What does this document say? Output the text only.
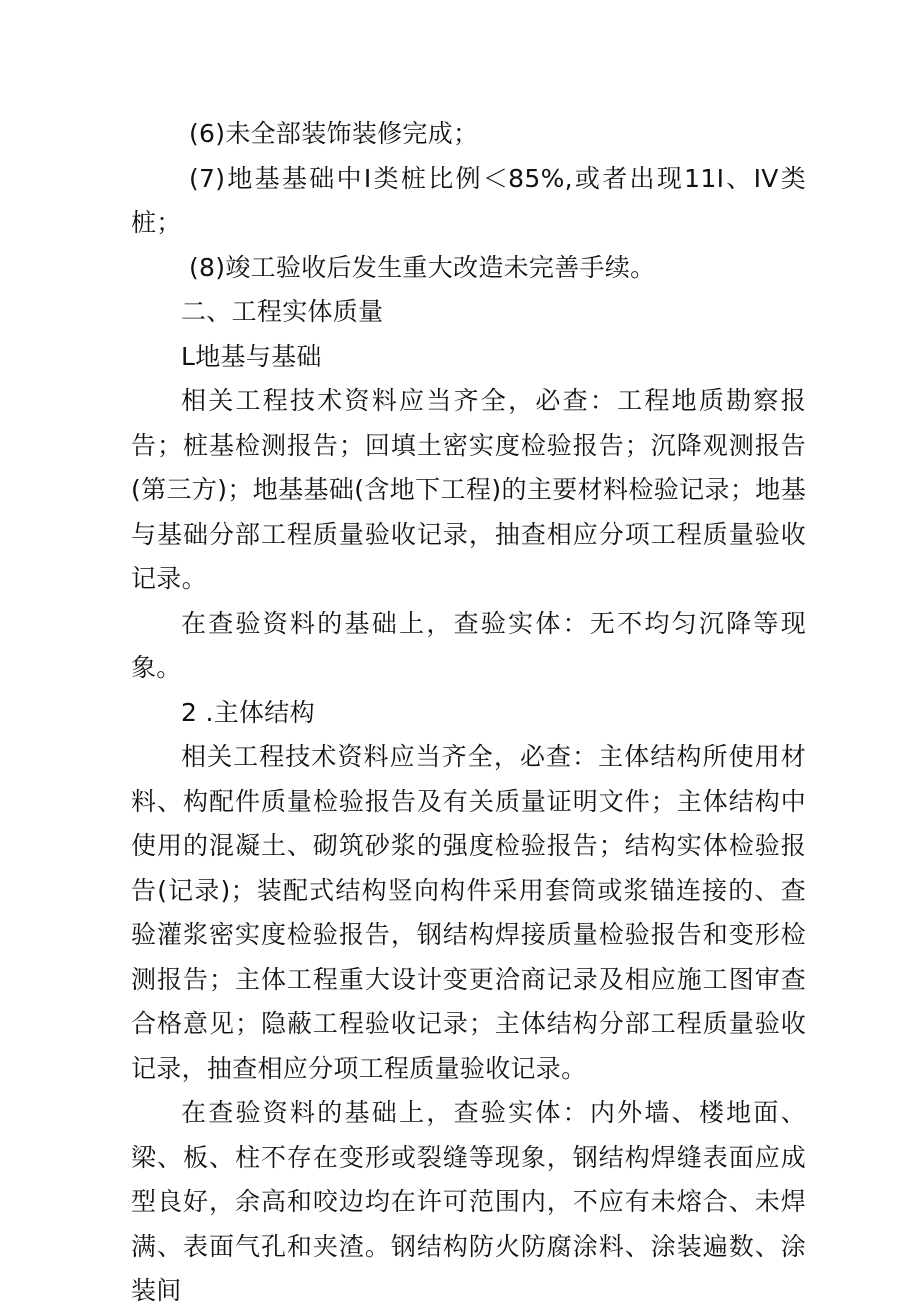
(6)未全部装饰装修完成；

(7)地基基础中I类桩比例＜85%,或者出现11I、IV类桩；

(8)竣工验收后发生重大改造未完善手续。

二、工程实体质量

L地基与基础

相关工程技术资料应当齐全，必查：工程地质勘察报告；桩基检测报告；回填土密实度检验报告；沉降观测报告(第三方)；地基基础(含地下工程)的主要材料检验记录；地基与基础分部工程质量验收记录，抽查相应分项工程质量验收记录。

在查验资料的基础上，查验实体：无不均匀沉降等现象。

2 .主体结构

相关工程技术资料应当齐全，必查：主体结构所使用材料、构配件质量检验报告及有关质量证明文件；主体结构中使用的混凝土、砌筑砂浆的强度检验报告；结构实体检验报告(记录)；装配式结构竖向构件采用套筒或浆锚连接的、查验灌浆密实度检验报告，钢结构焊接质量检验报告和变形检测报告；主体工程重大设计变更洽商记录及相应施工图审查合格意见；隐蔽工程验收记录；主体结构分部工程质量验收记录，抽查相应分项工程质量验收记录。

在查验资料的基础上，查验实体：内外墙、楼地面、梁、板、柱不存在变形或裂缝等现象，钢结构焊缝表面应成型良好，余高和咬边均在许可范围内，不应有未熔合、未焊满、表面气孔和夹渣。钢结构防火防腐涂料、涂装遍数、涂装间
